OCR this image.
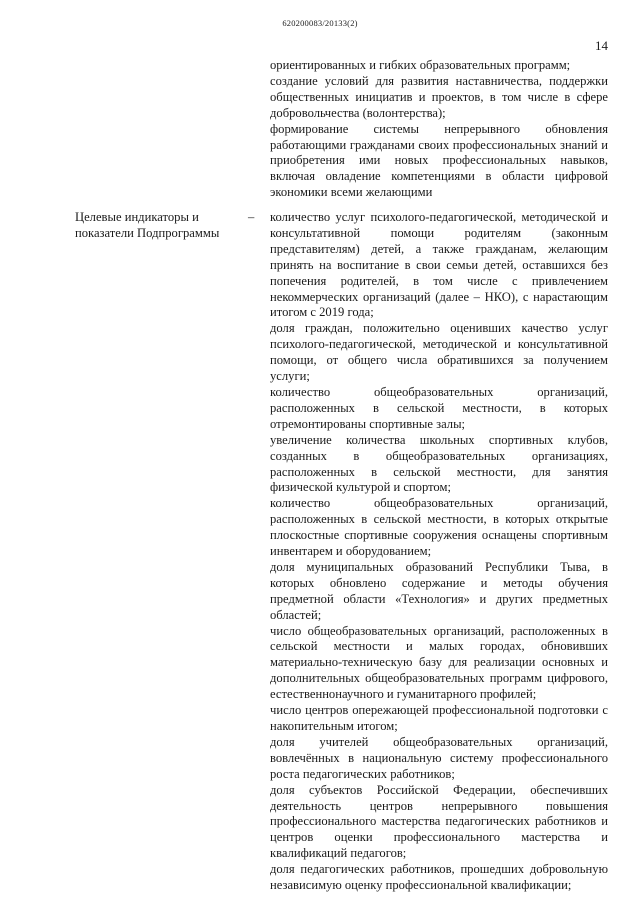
620200083/20133(2)
14

ориентированных и гибких образовательных программ;

создание условий для развития наставничества, поддержки общественных инициатив и проектов, в том числе в сфере добровольчества (волонтерства);

формирование системы непрерывного обновления работающими гражданами своих профессиональных знаний и приобретения ими новых профессиональных навыков, включая овладение компетенциями в области цифровой экономики всеми желающими

Целевые индикаторы и показатели Подпрограммы
– количество услуг психолого-педагогической, методической и консультативной помощи родителям (законным представителям) детей, а также гражданам, желающим принять на воспитание в свои семьи детей, оставшихся без попечения родителей, в том числе с привлечением некоммерческих организаций (далее – НКО), с нарастающим итогом с 2019 года;

доля граждан, положительно оценивших качество услуг психолого-педагогической, методической и консультативной помощи, от общего числа обратившихся за получением услуги;

количество общеобразовательных организаций, расположенных в сельской местности, в которых отремонтированы спортивные залы;

увеличение количества школьных спортивных клубов, созданных в общеобразовательных организациях, расположенных в сельской местности, для занятия физической культурой и спортом;

количество общеобразовательных организаций, расположенных в сельской местности, в которых открытые плоскостные спортивные сооружения оснащены спортивным инвентарем и оборудованием;

доля муниципальных образований Республики Тыва, в которых обновлено содержание и методы обучения предметной области «Технология» и других предметных областей;

число общеобразовательных организаций, расположенных в сельской местности и малых городах, обновивших материально-техническую базу для реализации основных и дополнительных общеобразовательных программ цифрового, естественнонаучного и гуманитарного профилей;

число центров опережающей профессиональной подготовки с накопительным итогом;

доля учителей общеобразовательных организаций, вовлечённых в национальную систему профессионального роста педагогических работников;

доля субъектов Российской Федерации, обеспечивших деятельность центров непрерывного повышения профессионального мастерства педагогических работников и центров оценки профессионального мастерства и квалификаций педагогов;

доля педагогических работников, прошедших добровольную независимую оценку профессиональной квалификации;
